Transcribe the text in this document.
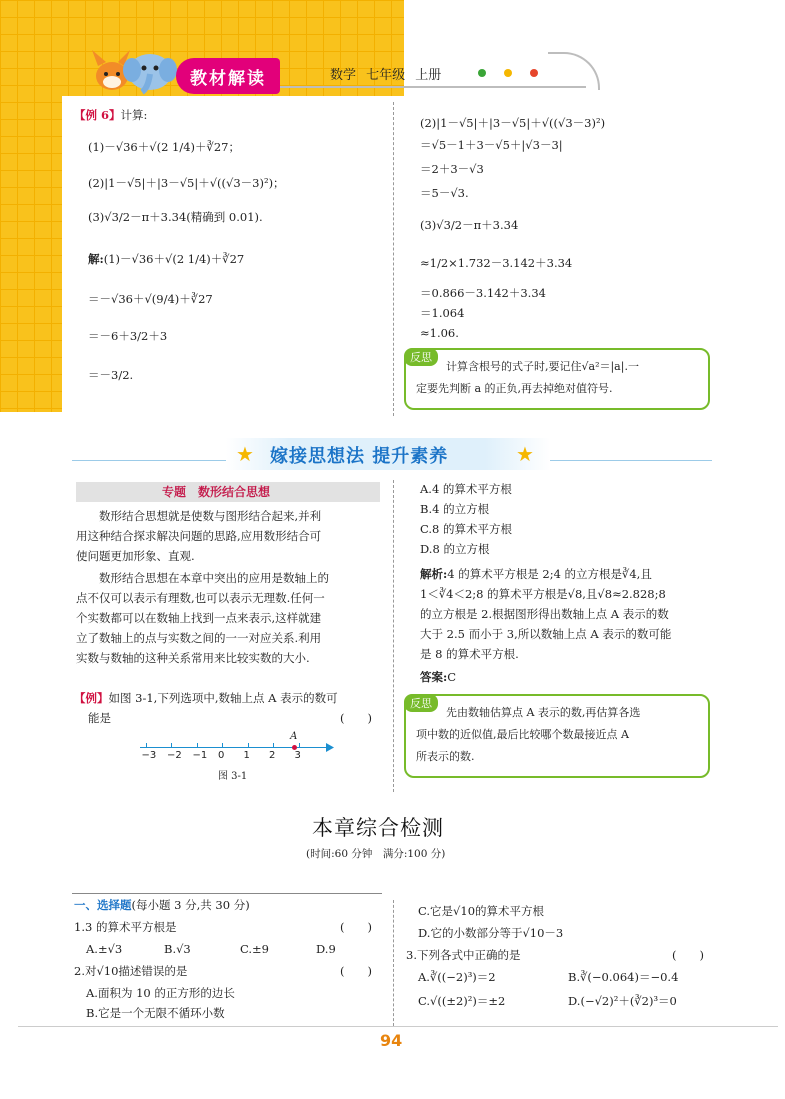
教材解读	数学 七年级 上册
【例 6】计算:
(1)－√36＋√(2 1/4)＋∛27；
(2)|1－√5|＋|3－√5|＋√((√3－3)²)；
(3)√3/2－π＋3.34(精确到 0.01).
解:(1)－√36＋√(2 1/4)＋∛27
＝－√36＋√(9/4)＋∛27
＝－6＋3/2＋3
＝－3/2.
(2)|1－√5|＋|3－√5|＋√((√3－3)²)
＝√5－1＋3－√5＋|√3－3|
＝2＋3－√3
＝5－√3.
(3)√3/2－π＋3.34
≈1/2×1.732－3.142＋3.34
＝0.866－3.142＋3.34
＝1.064
≈1.06.
反思
计算含根号的式子时,要记住√a²＝|a|.一
定要先判断 a 的正负,再去掉绝对值符号.
★ 嫁接思想法 提升素养	★
专题　数形结合思想
数形结合思想就是使数与图形结合起来,并利
用这种结合探求解决问题的思路,应用数形结合可
使问题更加形象、直观.
数形结合思想在本章中突出的应用是数轴上的
点不仅可以表示有理数,也可以表示无理数.任何一
个实数都可以在数轴上找到一点来表示,这样就建
立了数轴上的点与实数之间的一一对应关系.利用
实数与数轴的这种关系常用来比较实数的大小.
【例】如图 3-1,下列选项中,数轴上点 A 表示的数可
能是	(　　)
−3 −2 −1 0 1 2 3
A
图 3-1
A.4 的算术平方根
B.4 的立方根
C.8 的算术平方根
D.8 的立方根
解析:4 的算术平方根是 2;4 的立方根是∛4,且
1＜∛4＜2;8 的算术平方根是√8,且√8≈2.828;8
的立方根是 2.根据图形得出数轴上点 A 表示的数
大于 2.5 而小于 3,所以数轴上点 A 表示的数可能
是 8 的算术平方根.
答案:C
反思
先由数轴估算点 A 表示的数,再估算各选
项中数的近似值,最后比较哪个数最接近点 A
所表示的数.
本章综合检测
(时间:60 分钟　满分:100 分)
一、选择题(每小题 3 分,共 30 分)
1.3 的算术平方根是	(　　)
A.±√3	B.√3	C.±9	D.9
2.对√10描述错误的是	(　　)
A.面积为 10 的正方形的边长
B.它是一个无限不循环小数
C.它是√10的算术平方根
D.它的小数部分等于√10－3
3.下列各式中正确的是	(　　)
A.∛((−2)³)＝2	B.∛(−0.064)＝−0.4
C.√((±2)²)＝±2	D.(−√2)²＋(∛2)³＝0
94
